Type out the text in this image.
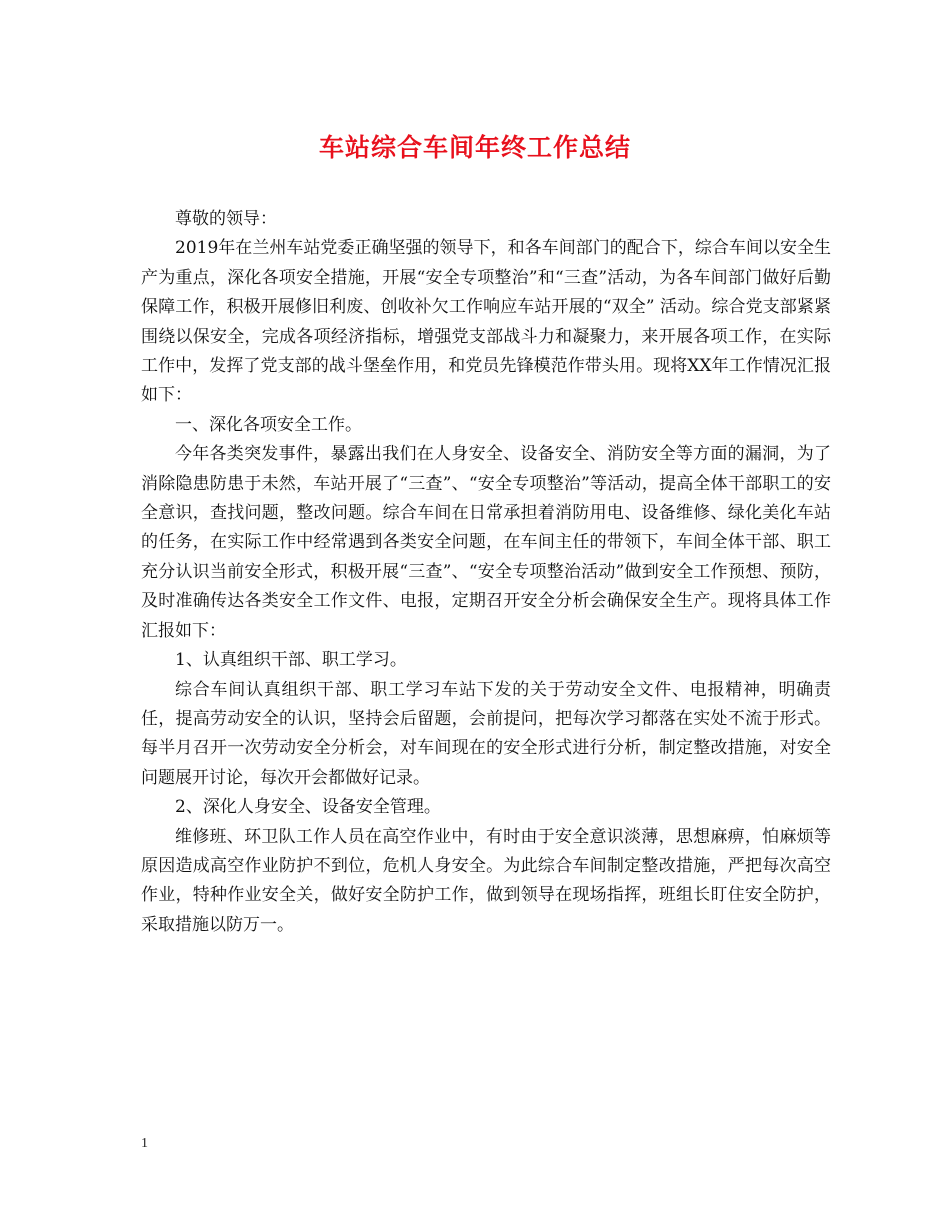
车站综合车间年终工作总结

尊敬的领导：

2019年在兰州车站党委正确坚强的领导下，和各车间部门的配合下，综合车间以安全生产为重点，深化各项安全措施，开展“安全专项整治”和“三查”活动，为各车间部门做好后勤保障工作，积极开展修旧利废、创收补欠工作响应车站开展的“双全” 活动。综合党支部紧紧围绕以保安全，完成各项经济指标，增强党支部战斗力和凝聚力，来开展各项工作，在实际工作中，发挥了党支部的战斗堡垒作用，和党员先锋模范作带头用。现将XX年工作情况汇报如下：

一、深化各项安全工作。

今年各类突发事件，暴露出我们在人身安全、设备安全、消防安全等方面的漏洞，为了消除隐患防患于未然，车站开展了“三查”、“安全专项整治”等活动，提高全体干部职工的安全意识，查找问题，整改问题。综合车间在日常承担着消防用电、设备维修、绿化美化车站的任务，在实际工作中经常遇到各类安全问题，在车间主任的带领下，车间全体干部、职工充分认识当前安全形式，积极开展“三查”、“安全专项整治活动”做到安全工作预想、预防，及时准确传达各类安全工作文件、电报，定期召开安全分析会确保安全生产。现将具体工作汇报如下：

1、认真组织干部、职工学习。

综合车间认真组织干部、职工学习车站下发的关于劳动安全文件、电报精神，明确责任，提高劳动安全的认识，坚持会后留题，会前提问，把每次学习都落在实处不流于形式。每半月召开一次劳动安全分析会，对车间现在的安全形式进行分析，制定整改措施，对安全问题展开讨论，每次开会都做好记录。

2、深化人身安全、设备安全管理。

维修班、环卫队工作人员在高空作业中，有时由于安全意识淡薄，思想麻痹，怕麻烦等原因造成高空作业防护不到位，危机人身安全。为此综合车间制定整改措施，严把每次高空作业，特种作业安全关，做好安全防护工作，做到领导在现场指挥，班组长盯住安全防护，采取措施以防万一。

1
